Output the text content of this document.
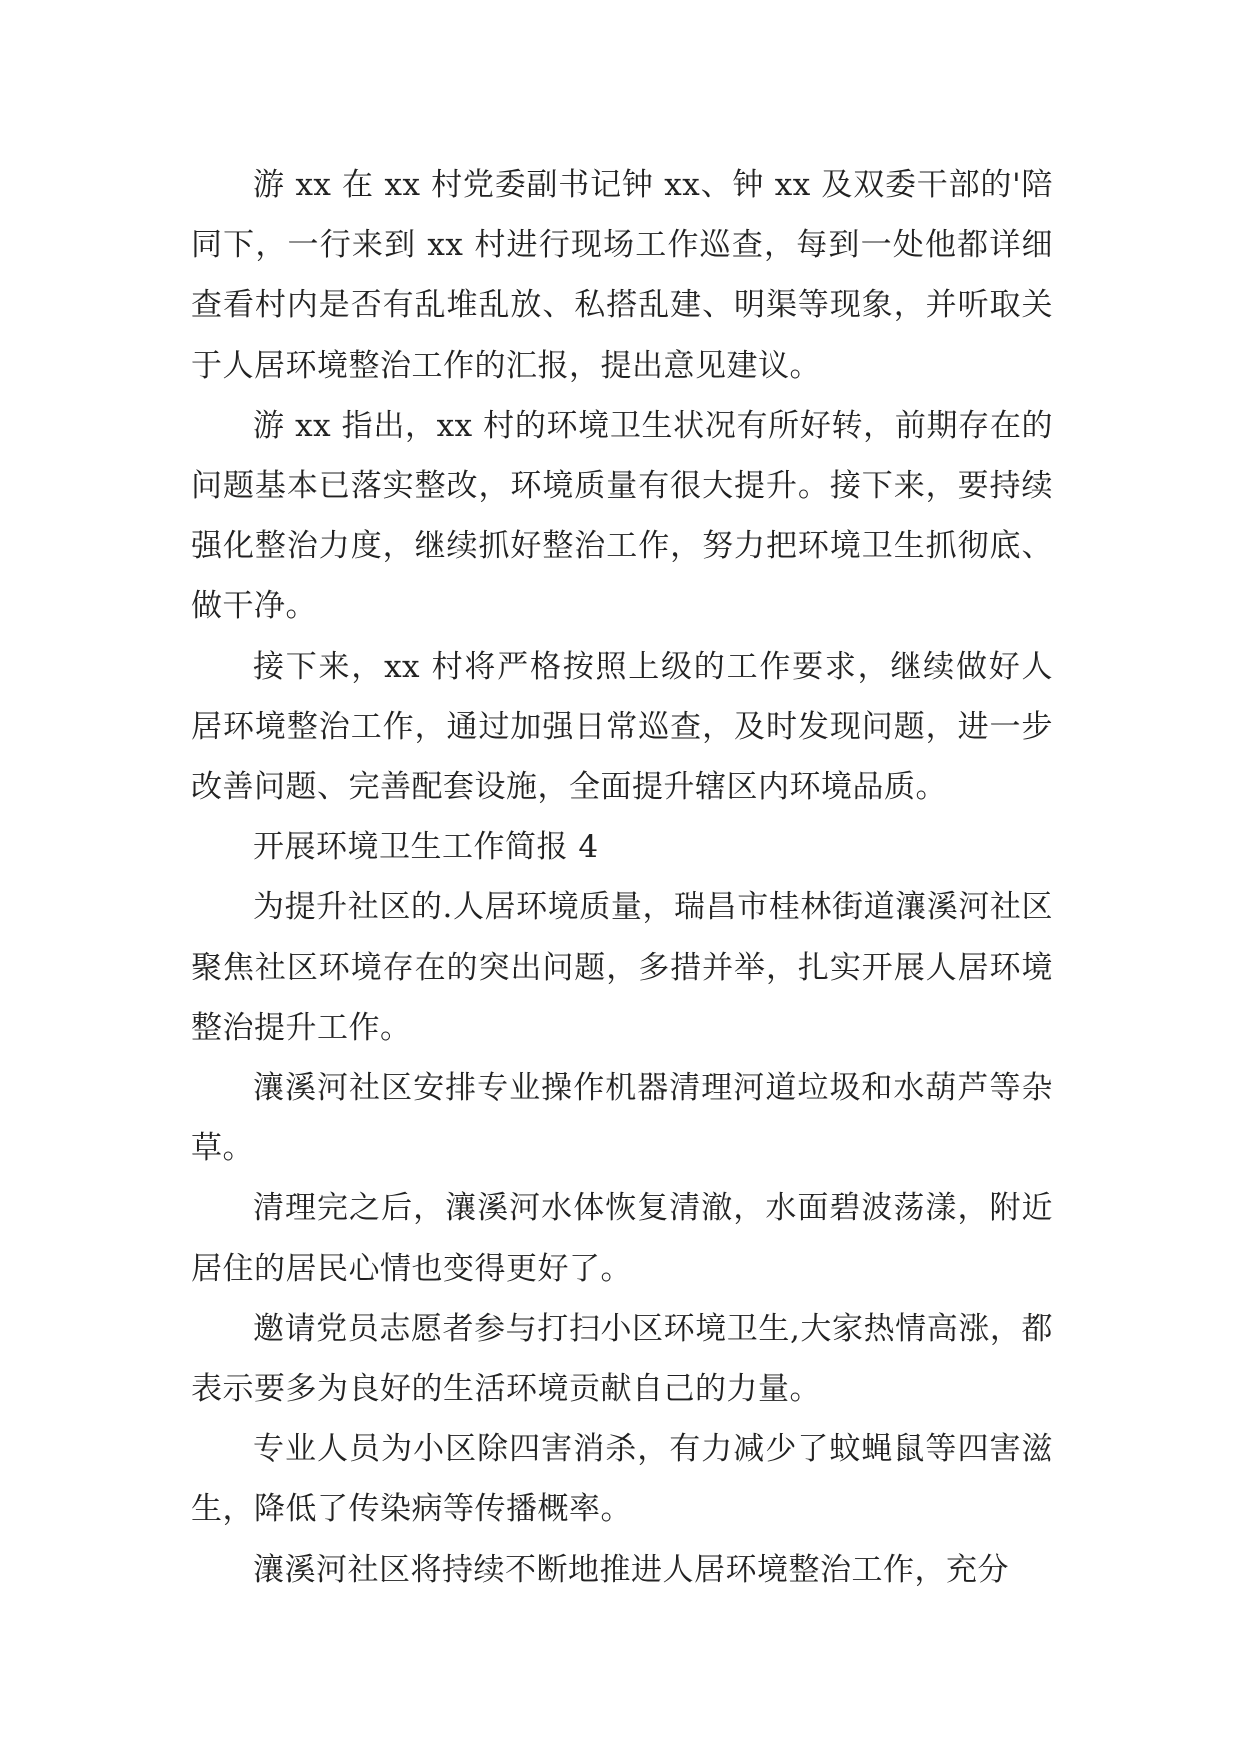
游 xx 在 xx 村党委副书记钟 xx、钟 xx 及双委干部的'陪同下，一行来到 xx 村进行现场工作巡查，每到一处他都详细查看村内是否有乱堆乱放、私搭乱建、明渠等现象，并听取关于人居环境整治工作的汇报，提出意见建议。

游 xx 指出，xx 村的环境卫生状况有所好转，前期存在的问题基本已落实整改，环境质量有很大提升。接下来，要持续强化整治力度，继续抓好整治工作，努力把环境卫生抓彻底、做干净。

接下来，xx 村将严格按照上级的工作要求，继续做好人居环境整治工作，通过加强日常巡查，及时发现问题，进一步改善问题、完善配套设施，全面提升辖区内环境品质。

开展环境卫生工作简报 4

为提升社区的.人居环境质量，瑞昌市桂林街道瀼溪河社区聚焦社区环境存在的突出问题，多措并举，扎实开展人居环境整治提升工作。

瀼溪河社区安排专业操作机器清理河道垃圾和水葫芦等杂草。

清理完之后，瀼溪河水体恢复清澈，水面碧波荡漾，附近居住的居民心情也变得更好了。

邀请党员志愿者参与打扫小区环境卫生,大家热情高涨，都表示要多为良好的生活环境贡献自己的力量。

专业人员为小区除四害消杀，有力减少了蚊蝇鼠等四害滋生，降低了传染病等传播概率。

瀼溪河社区将持续不断地推进人居环境整治工作，充分
